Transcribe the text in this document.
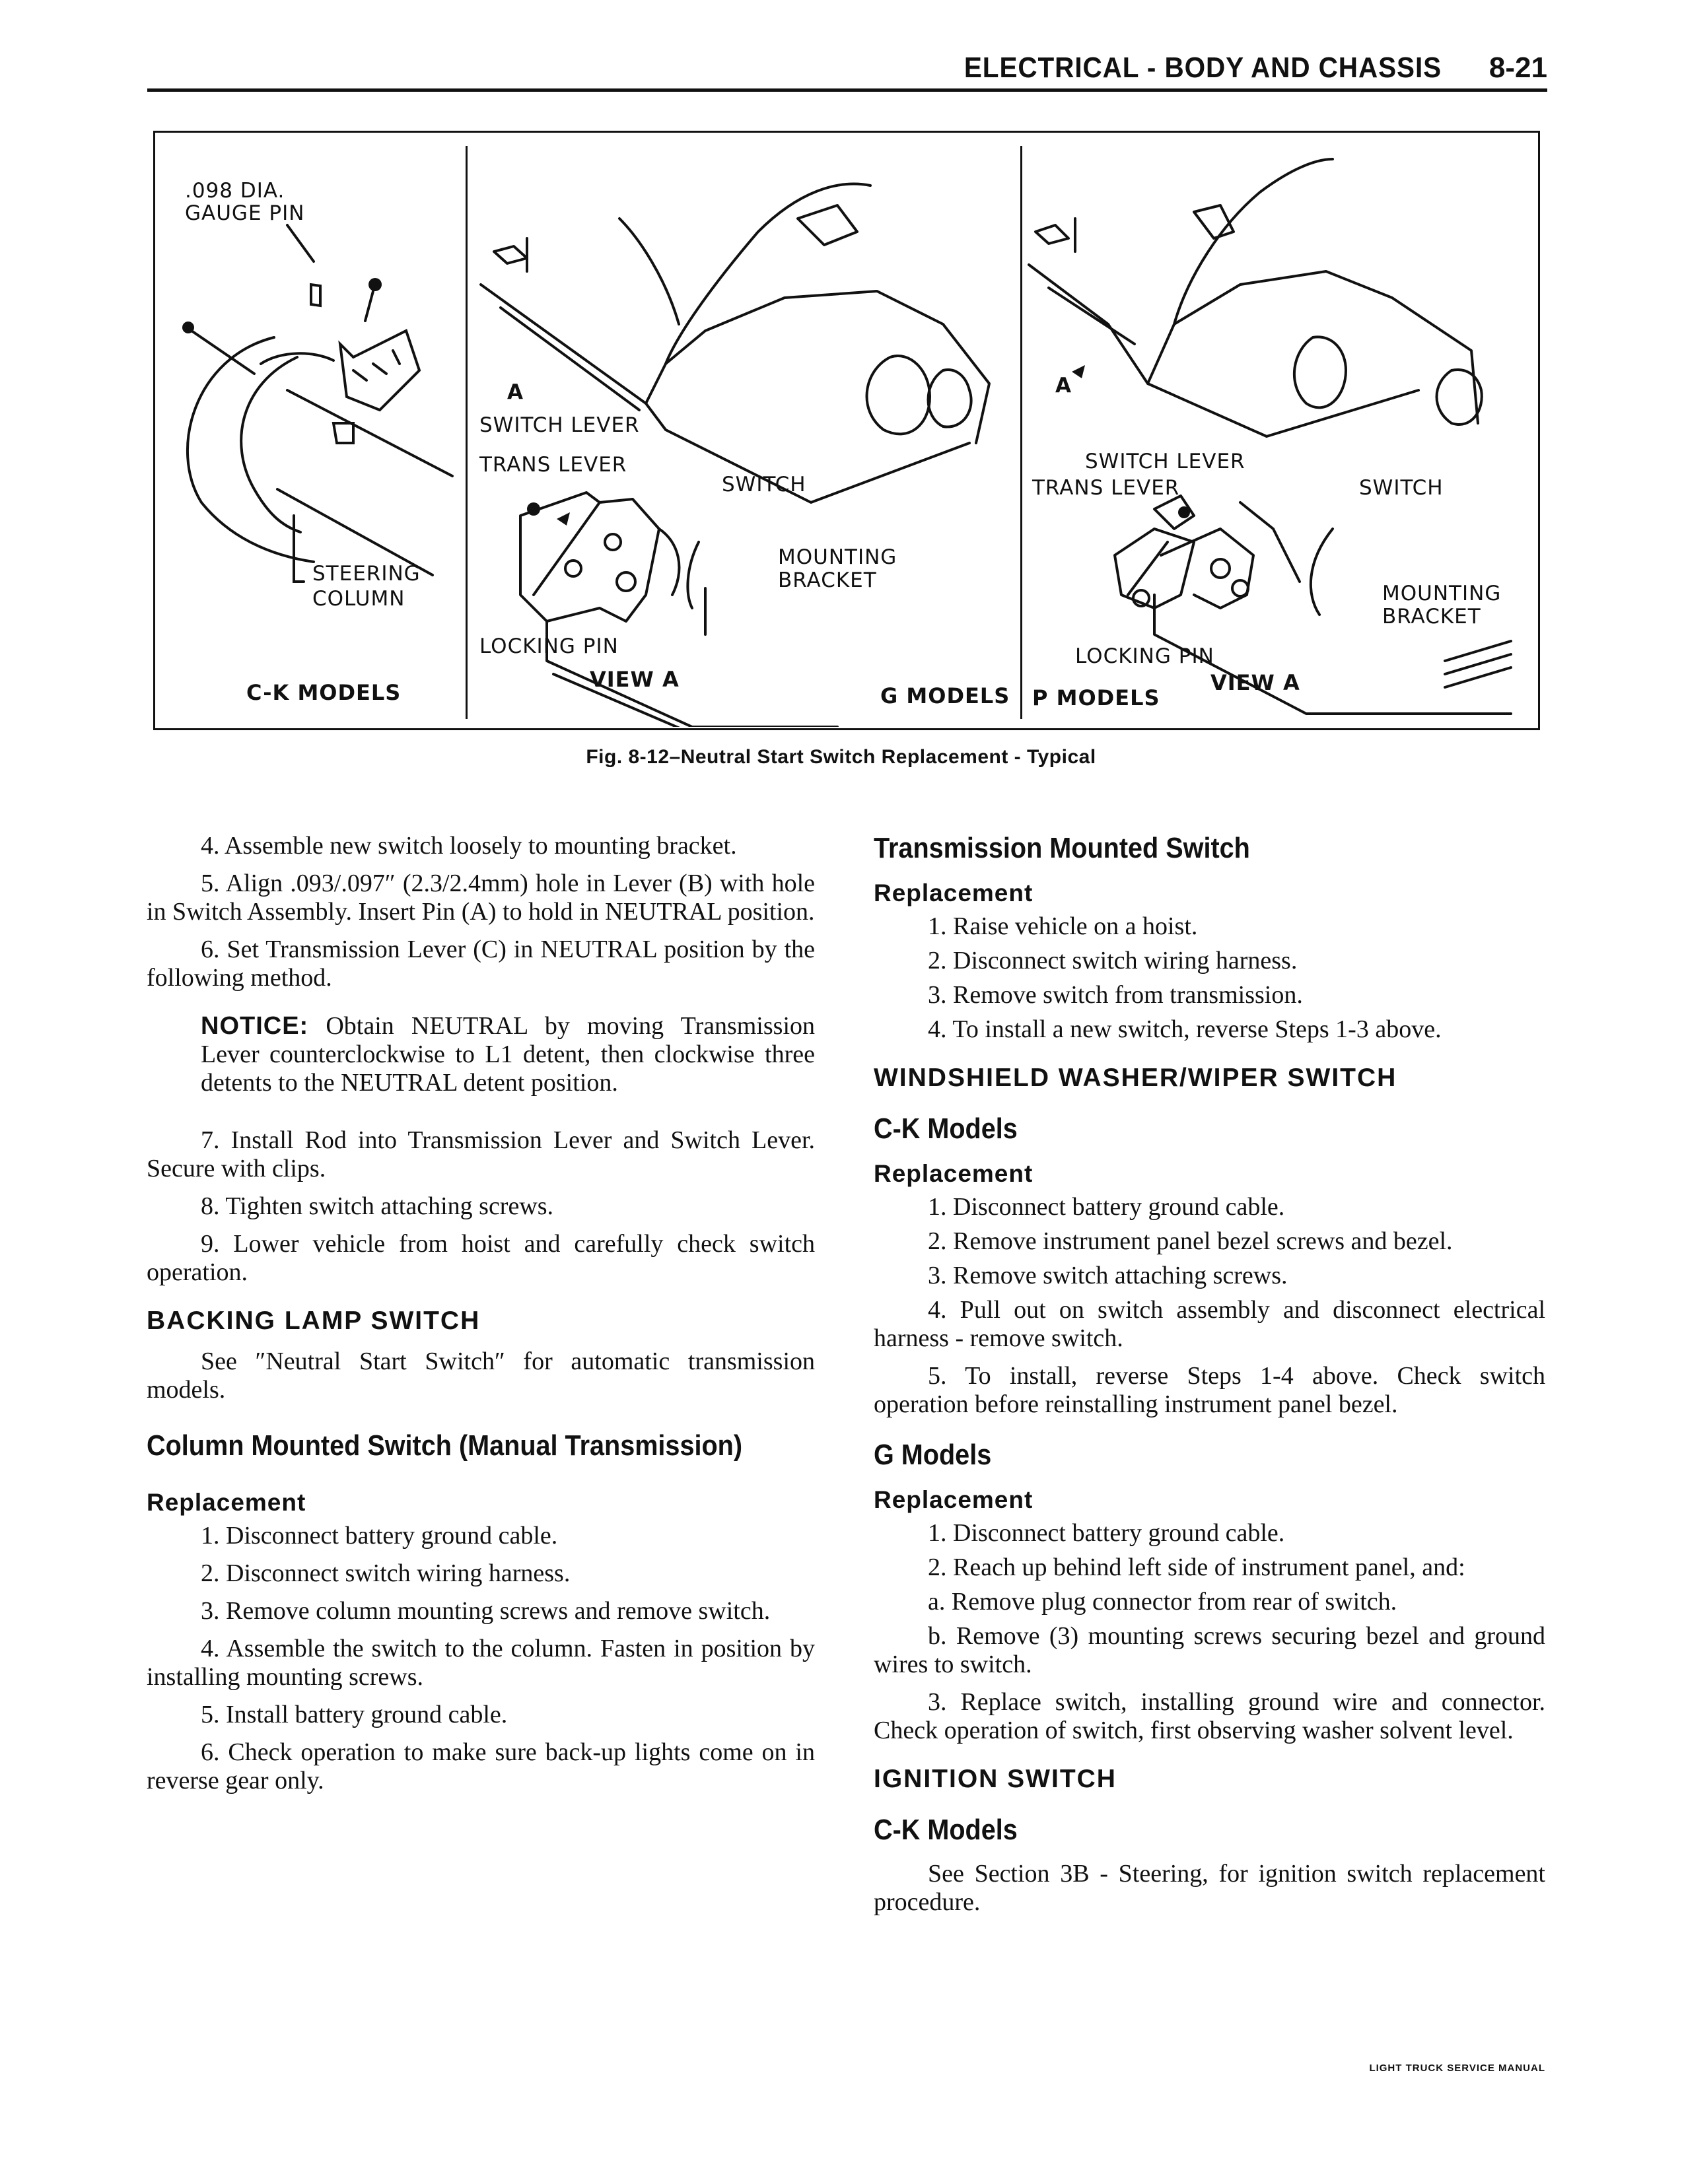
ELECTRICAL - BODY AND CHASSIS 8-21
.098 DIA.
GAUGE PIN
STEERING
COLUMN
C-K MODELS
A
SWITCH LEVER
TRANS LEVER
SWITCH
MOUNTING
BRACKET
LOCKING PIN
VIEW A
G MODELS
A
SWITCH LEVER
TRANS LEVER	SWITCH
MOUNTING
BRACKET
LOCKING PIN
VIEW A
P MODELS
Fig. 8-12–Neutral Start Switch Replacement - Typical

4. Assemble new switch loosely to mounting bracket.

5. Align .093/.097″ (2.3/2.4mm) hole in Lever (B) with hole in Switch Assembly. Insert Pin (A) to hold in NEUTRAL position.

6. Set Transmission Lever (C) in NEUTRAL position by the following method.

NOTICE: Obtain NEUTRAL by moving Transmission Lever counterclockwise to L1 detent, then clockwise three detents to the NEUTRAL detent position.

7. Install Rod into Transmission Lever and Switch Lever. Secure with clips.

8. Tighten switch attaching screws.

9. Lower vehicle from hoist and carefully check switch operation.

BACKING LAMP SWITCH

See ″Neutral Start Switch″ for automatic transmission models.

Column Mounted Switch (Manual Transmission)
Replacement

1. Disconnect battery ground cable.

2. Disconnect switch wiring harness.

3. Remove column mounting screws and remove switch.

4. Assemble the switch to the column. Fasten in position by installing mounting screws.

5. Install battery ground cable.

6. Check operation to make sure back-up lights come on in reverse gear only.

Transmission Mounted Switch
Replacement

1. Raise vehicle on a hoist.

2. Disconnect switch wiring harness.

3. Remove switch from transmission.

4. To install a new switch, reverse Steps 1-3 above.

WINDSHIELD WASHER/WIPER SWITCH
C-K Models
Replacement

1. Disconnect battery ground cable.

2. Remove instrument panel bezel screws and bezel.

3. Remove switch attaching screws.

4. Pull out on switch assembly and disconnect electrical harness - remove switch.

5. To install, reverse Steps 1-4 above. Check switch operation before reinstalling instrument panel bezel.

G Models
Replacement

1. Disconnect battery ground cable.

2. Reach up behind left side of instrument panel, and:

a. Remove plug connector from rear of switch.

b. Remove (3) mounting screws securing bezel and ground wires to switch.

3. Replace switch, installing ground wire and connector. Check operation of switch, first observing washer solvent level.

IGNITION SWITCH
C-K Models

See Section 3B - Steering, for ignition switch replacement procedure.

LIGHT TRUCK SERVICE MANUAL
